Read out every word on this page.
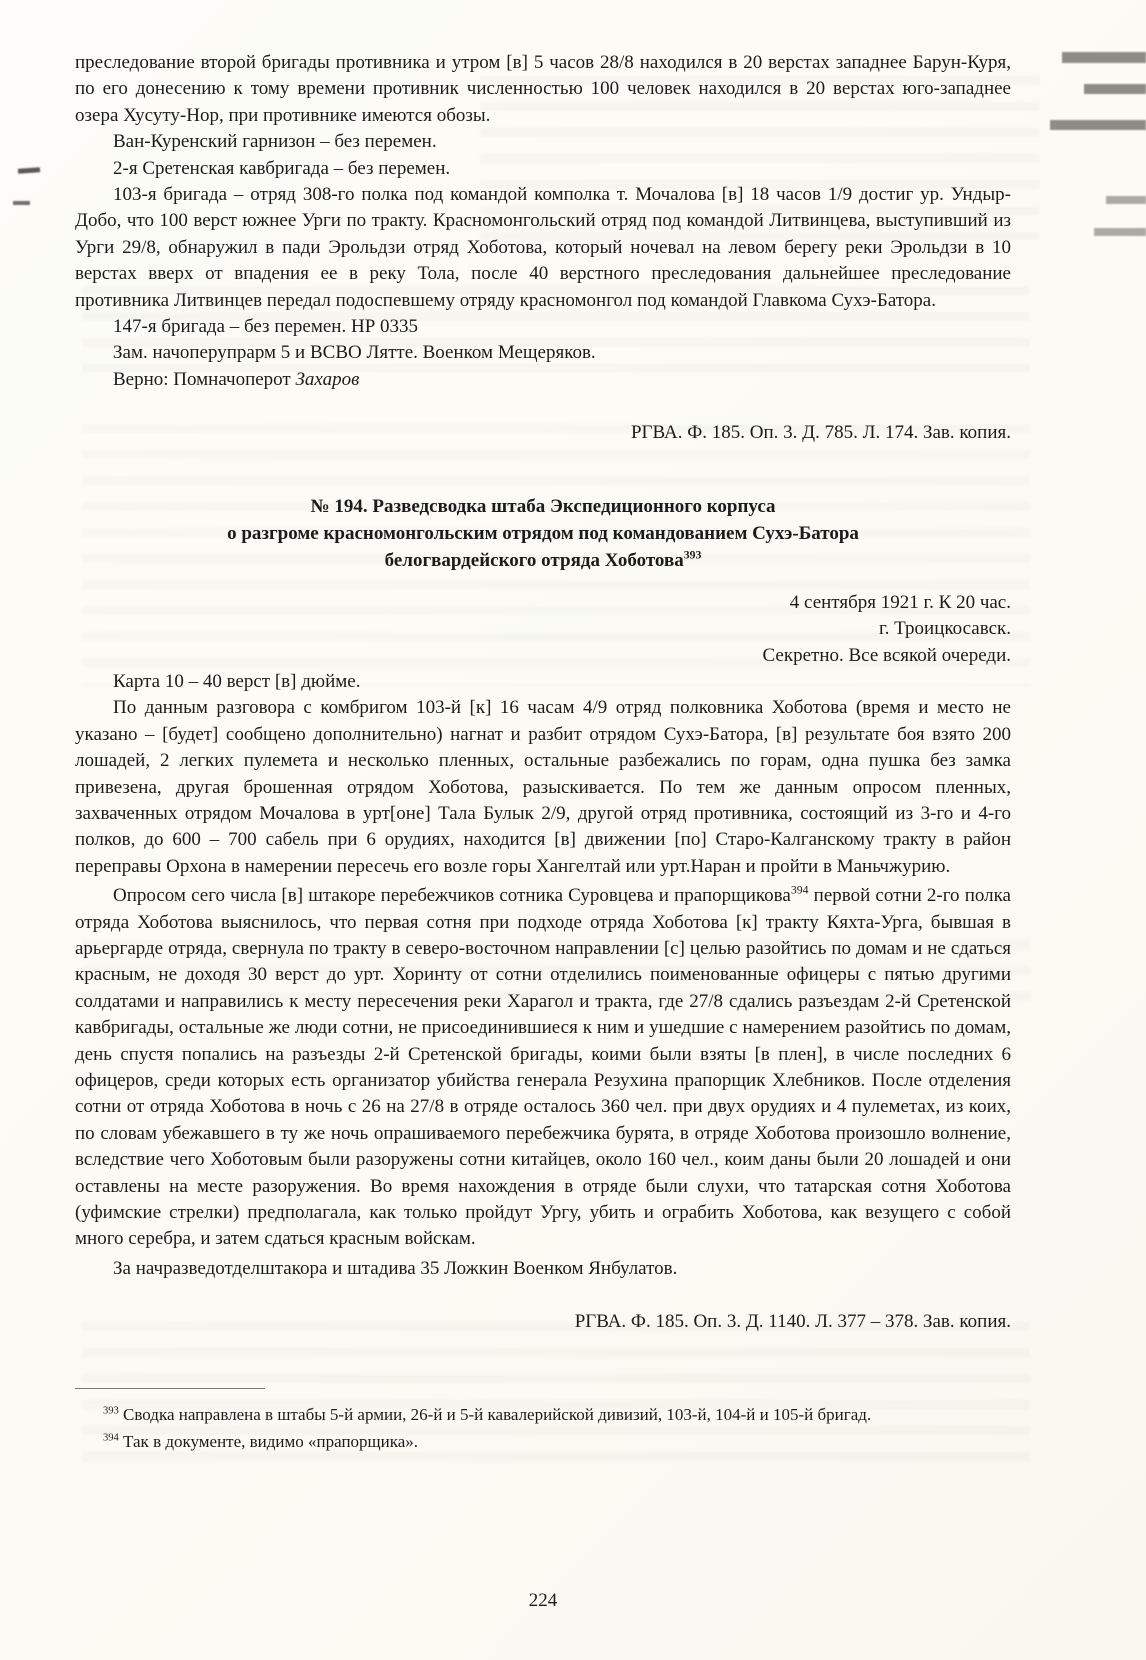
преследование второй бригады противника и утром [в] 5 часов 28/8 находился в 20 верстах западнее Барун-Куря, по его донесению к тому времени противник численностью 100 человек находился в 20 верстах юго-западнее озера Хусуту-Нор, при противнике имеются обозы.

Ван-Куренский гарнизон – без перемен.

2-я Сретенская кавбригада – без перемен.

103-я бригада – отряд 308-го полка под командой комполка т. Мочалова [в] 18 часов 1/9 достиг ур. Ундыр-Добо, что 100 верст южнее Урги по тракту. Красномонгольский отряд под командой Литвинцева, выступивший из Урги 29/8, обнаружил в пади Эрольдзи отряд Хоботова, который ночевал на левом берегу реки Эрольдзи в 10 верстах вверх от впадения ее в реку Тола, после 40 верстного преследования дальнейшее преследование противника Литвинцев передал подоспевшему отряду красномонгол под командой Главкома Сухэ-Батора.

147-я бригада – без перемен. НР 0335

Зам. начоперупрарм 5 и ВСВО Лятте. Военком Мещеряков.

Верно: Помначоперот Захаров

РГВА. Ф. 185. Оп. 3. Д. 785. Л. 174. Зав. копия.

№ 194. Разведсводка штаба Экспедиционного корпуса
о разгроме красномонгольским отрядом под командованием Сухэ-Батора
белогвардейского отряда Хоботова$^{393}$

4 сентября 1921 г. К 20 час.

г. Троицкосавск.

Секретно. Все всякой очереди.

Карта 10 – 40 верст [в] дюйме.

По данным разговора с комбригом 103-й [к] 16 часам 4/9 отряд полковника Хоботова (время и место не указано – [будет] сообщено дополнительно) нагнат и разбит отрядом Сухэ-Батора, [в] результате боя взято 200 лошадей, 2 легких пулемета и несколько пленных, остальные разбежались по горам, одна пушка без замка привезена, другая брошенная отрядом Хоботова, разыскивается. По тем же данным опросом пленных, захваченных отрядом Мочалова в урт[оне] Тала Булык 2/9, другой отряд противника, состоящий из 3-го и 4-го полков, до 600 – 700 сабель при 6 орудиях, находится [в] движении [по] Старо-Калганскому тракту в район переправы Орхона в намерении пересечь его возле горы Хангелтай или урт.Наран и пройти в Маньчжурию.

Опросом сего числа [в] штакоре перебежчиков сотника Суровцева и прапорщикова$^{394}$ первой сотни 2-го полка отряда Хоботова выяснилось, что первая сотня при подходе отряда Хоботова [к] тракту Кяхта-Урга, бывшая в арьергарде отряда, свернула по тракту в северо-восточном направлении [с] целью разойтись по домам и не сдаться красным, не доходя 30 верст до урт. Хоринту от сотни отделились поименованные офицеры с пятью другими солдатами и направились к месту пересечения реки Харагол и тракта, где 27/8 сдались разъездам 2-й Сретенской кавбригады, остальные же люди сотни, не присоединившиеся к ним и ушедшие с намерением разойтись по домам, день спустя попались на разъезды 2-й Сретенской бригады, коими были взяты [в плен], в числе последних 6 офицеров, среди которых есть организатор убийства генерала Резухина прапорщик Хлебников. После отделения сотни от отряда Хоботова в ночь с 26 на 27/8 в отряде осталось 360 чел. при двух орудиях и 4 пулеметах, из коих, по словам убежавшего в ту же ночь опрашиваемого перебежчика бурята, в отряде Хоботова произошло волнение, вследствие чего Хоботовым были разоружены сотни китайцев, около 160 чел., коим даны были 20 лошадей и они оставлены на месте разоружения. Во время нахождения в отряде были слухи, что татарская сотня Хоботова (уфимские стрелки) предполагала, как только пройдут Ургу, убить и ограбить Хоботова, как везущего с собой много серебра, и затем сдаться красным войскам.

За начразведотделштакора и штадива 35 Ложкин Военком Янбулатов.

РГВА. Ф. 185. Оп. 3. Д. 1140. Л. 377 – 378. Зав. копия.

$^{393}$ Сводка направлена в штабы 5-й армии, 26-й и 5-й кавалерийской дивизий, 103-й, 104-й и 105-й бригад.

$^{394}$ Так в документе, видимо «прапорщика».

224
